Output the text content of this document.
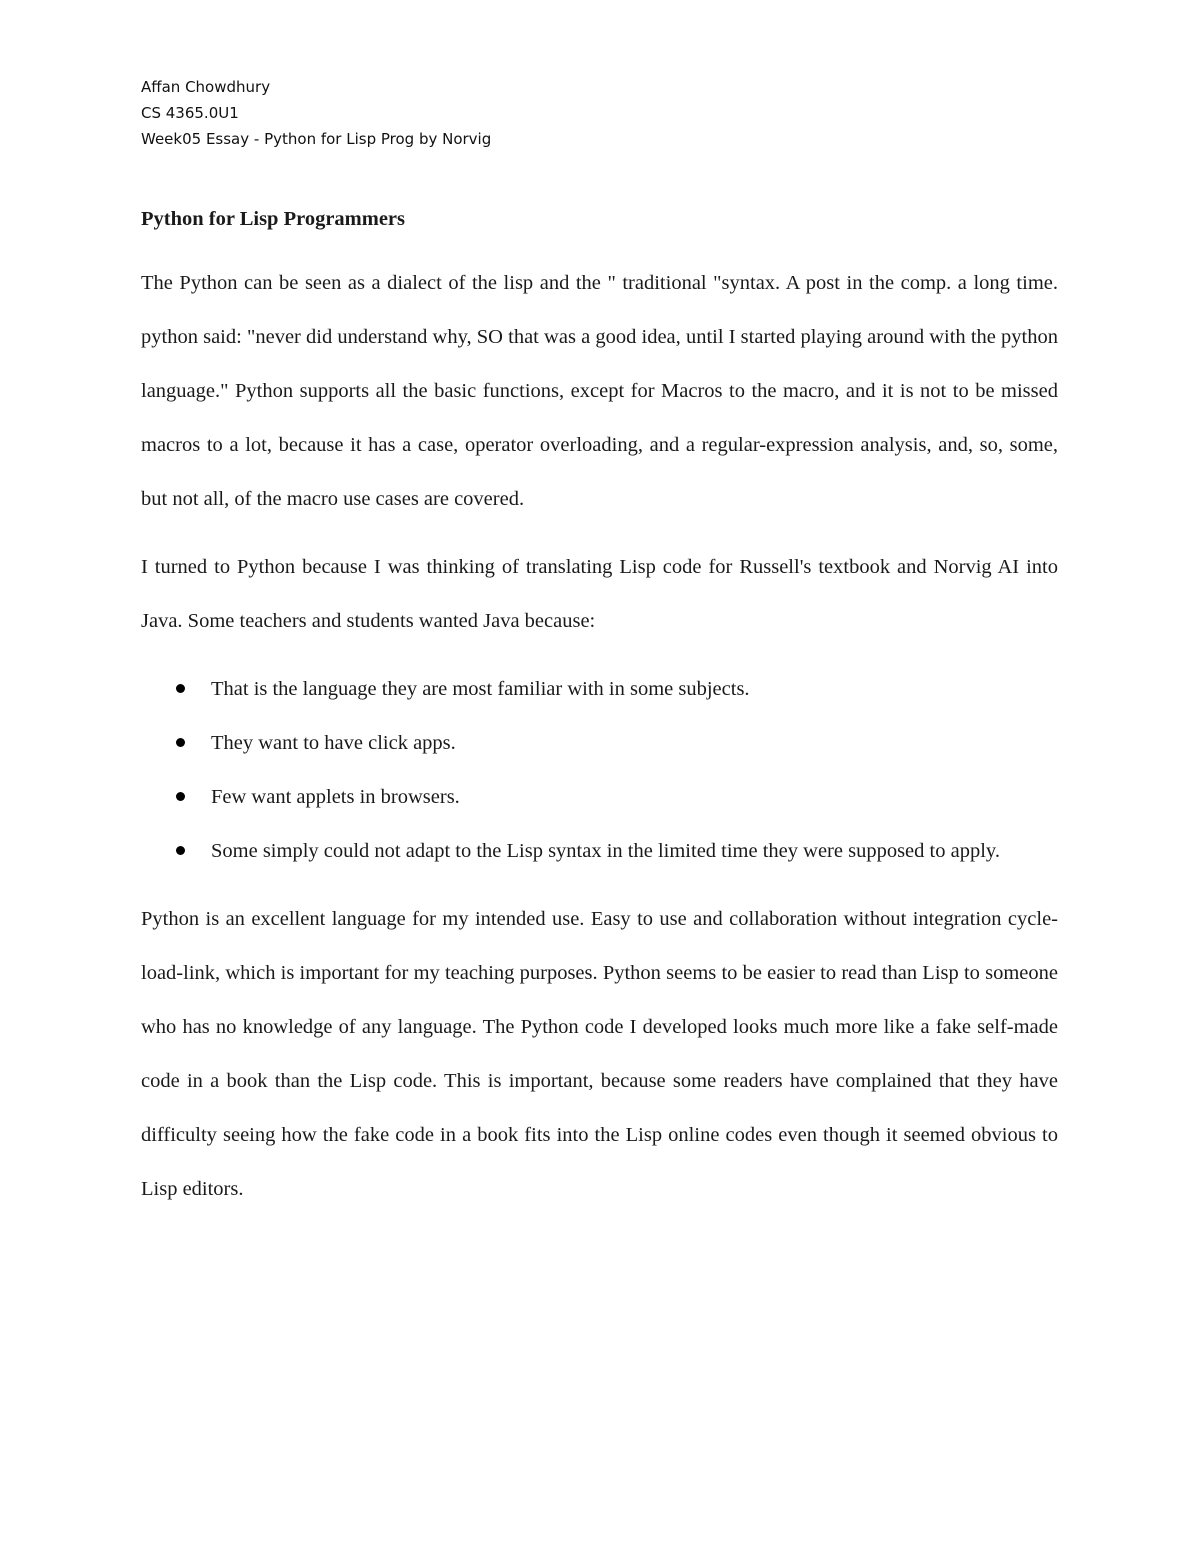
Affan Chowdhury
CS 4365.0U1
Week05 Essay - Python for Lisp Prog by Norvig
Python for Lisp Programmers

The Python can be seen as a dialect of the lisp and the " traditional "syntax. A post in the comp. a long time. python said: "never did understand why, SO that was a good idea, until I started playing around with the python language." Python supports all the basic functions, except for Macros to the macro, and it is not to be missed macros to a lot, because it has a case, operator overloading, and a regular-expression analysis, and, so, some, but not all, of the macro use cases are covered.

I turned to Python because I was thinking of translating Lisp code for Russell's textbook and Norvig AI into Java. Some teachers and students wanted Java because:

That is the language they are most familiar with in some subjects.
They want to have click apps.
Few want applets in browsers.
Some simply could not adapt to the Lisp syntax in the limited time they were supposed to apply.

Python is an excellent language for my intended use. Easy to use and collaboration without integration cycle-load-link, which is important for my teaching purposes. Python seems to be easier to read than Lisp to someone who has no knowledge of any language. The Python code I developed looks much more like a fake self-made code in a book than the Lisp code. This is important, because some readers have complained that they have difficulty seeing how the fake code in a book fits into the Lisp online codes even though it seemed obvious to Lisp editors.
